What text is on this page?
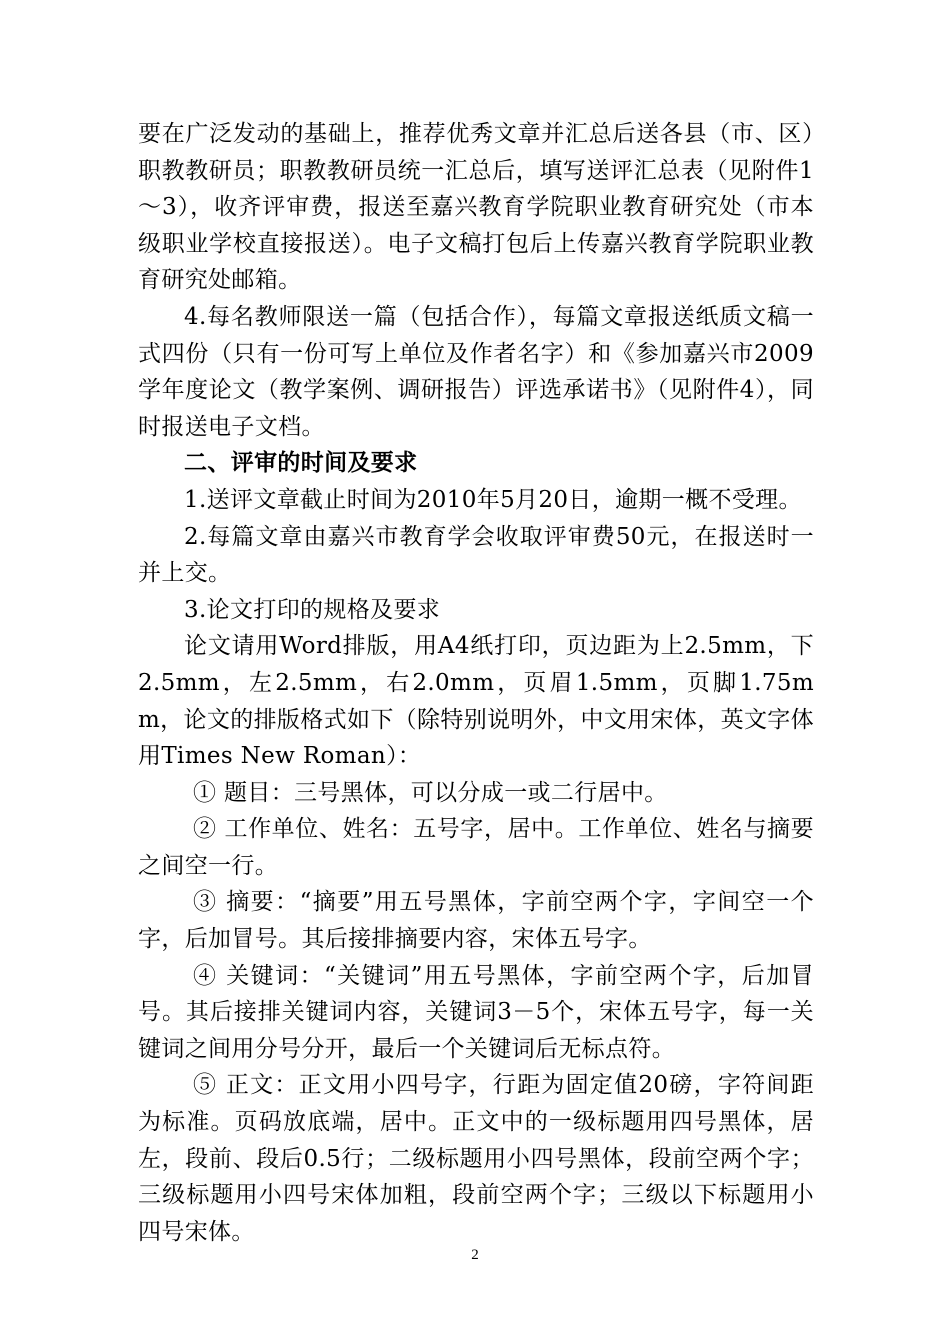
要在广泛发动的基础上，推荐优秀文章并汇总后送各县（市、区）职教教研员；职教教研员统一汇总后，填写送评汇总表（见附件1～3），收齐评审费，报送至嘉兴教育学院职业教育研究处（市本级职业学校直接报送）。电子文稿打包后上传嘉兴教育学院职业教育研究处邮箱。

4.每名教师限送一篇（包括合作），每篇文章报送纸质文稿一式四份（只有一份可写上单位及作者名字）和《参加嘉兴市2009学年度论文（教学案例、调研报告）评选承诺书》（见附件4），同时报送电子文档。

二、评审的时间及要求

1.送评文章截止时间为2010年5月20日，逾期一概不受理。

2.每篇文章由嘉兴市教育学会收取评审费50元，在报送时一并上交。

3.论文打印的规格及要求

论文请用Word排版，用A4纸打印，页边距为上2.5mm，下2.5mm，左2.5mm，右2.0mm，页眉1.5mm，页脚1.75mm，论文的排版格式如下（除特别说明外，中文用宋体，英文字体用Times New Roman）：

① 题目：三号黑体，可以分成一或二行居中。

② 工作单位、姓名：五号字，居中。工作单位、姓名与摘要之间空一行。

③ 摘要：“摘要”用五号黑体，字前空两个字，字间空一个字，后加冒号。其后接排摘要内容，宋体五号字。

④ 关键词：“关键词”用五号黑体，字前空两个字，后加冒号。其后接排关键词内容，关键词3－5个，宋体五号字，每一关键词之间用分号分开，最后一个关键词后无标点符。

⑤ 正文：正文用小四号字，行距为固定值20磅，字符间距为标准。页码放底端，居中。正文中的一级标题用四号黑体，居左，段前、段后0.5行；二级标题用小四号黑体，段前空两个字；三级标题用小四号宋体加粗，段前空两个字；三级以下标题用小四号宋体。

2
